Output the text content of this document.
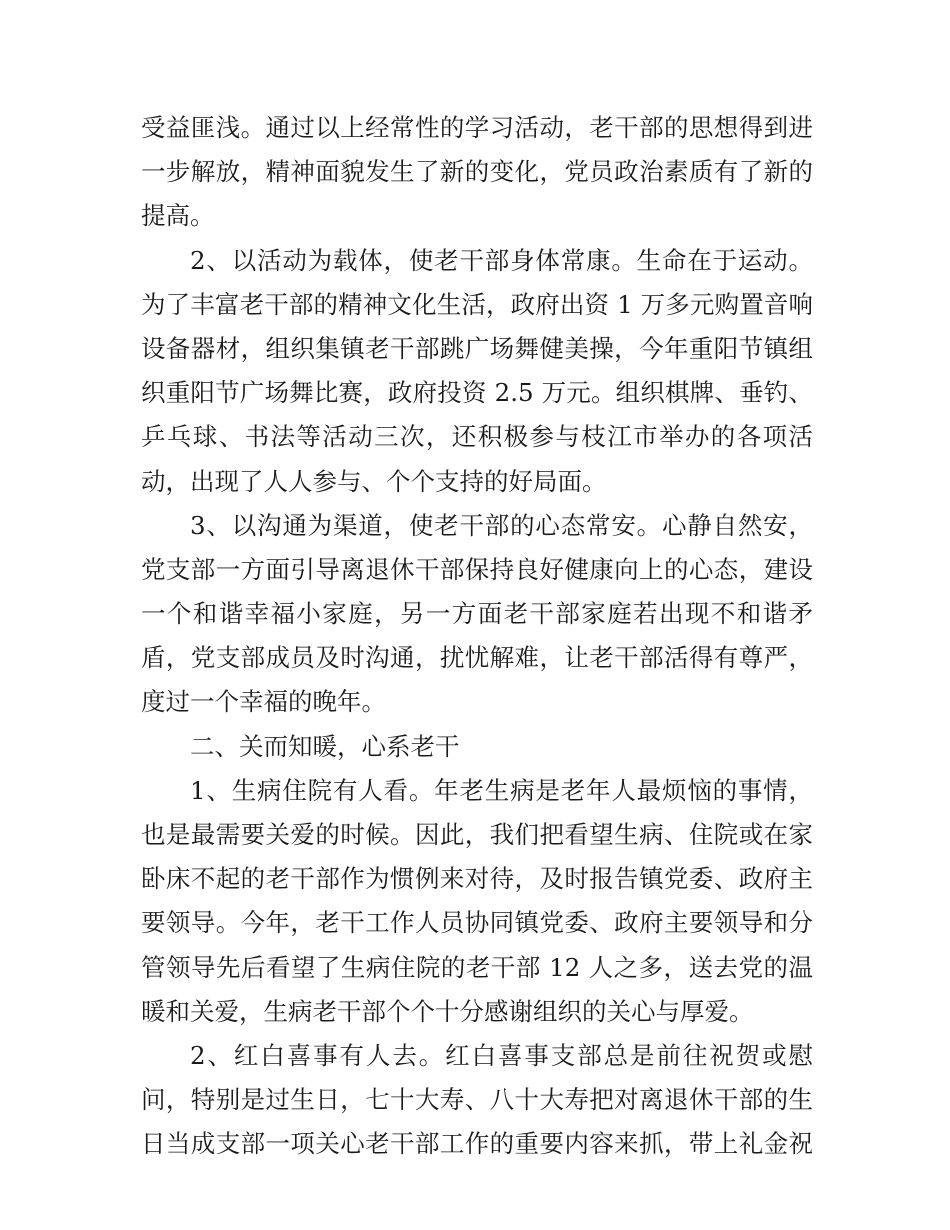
受益匪浅。通过以上经常性的学习活动，老干部的思想得到进
一步解放，精神面貌发生了新的变化，党员政治素质有了新的
提高。
2、以活动为载体，使老干部身体常康。生命在于运动。
为了丰富老干部的精神文化生活，政府出资 1 万多元购置音响
设备器材，组织集镇老干部跳广场舞健美操，今年重阳节镇组
织重阳节广场舞比赛，政府投资 2.5 万元。组织棋牌、垂钓、
乒乓球、书法等活动三次，还积极参与枝江市举办的各项活
动，出现了人人参与、个个支持的好局面。
3、以沟通为渠道，使老干部的心态常安。心静自然安，
党支部一方面引导离退休干部保持良好健康向上的心态，建设
一个和谐幸福小家庭，另一方面老干部家庭若出现不和谐矛
盾，党支部成员及时沟通，扰忧解难，让老干部活得有尊严，
度过一个幸福的晚年。
二、关而知暖，心系老干
1、生病住院有人看。年老生病是老年人最烦恼的事情，
也是最需要关爱的时候。因此，我们把看望生病、住院或在家
卧床不起的老干部作为惯例来对待，及时报告镇党委、政府主
要领导。今年，老干工作人员协同镇党委、政府主要领导和分
管领导先后看望了生病住院的老干部 12 人之多，送去党的温
暖和关爱，生病老干部个个十分感谢组织的关心与厚爱。
2、红白喜事有人去。红白喜事支部总是前往祝贺或慰
问，特别是过生日，七十大寿、八十大寿把对离退休干部的生
日当成支部一项关心老干部工作的重要内容来抓，带上礼金祝
